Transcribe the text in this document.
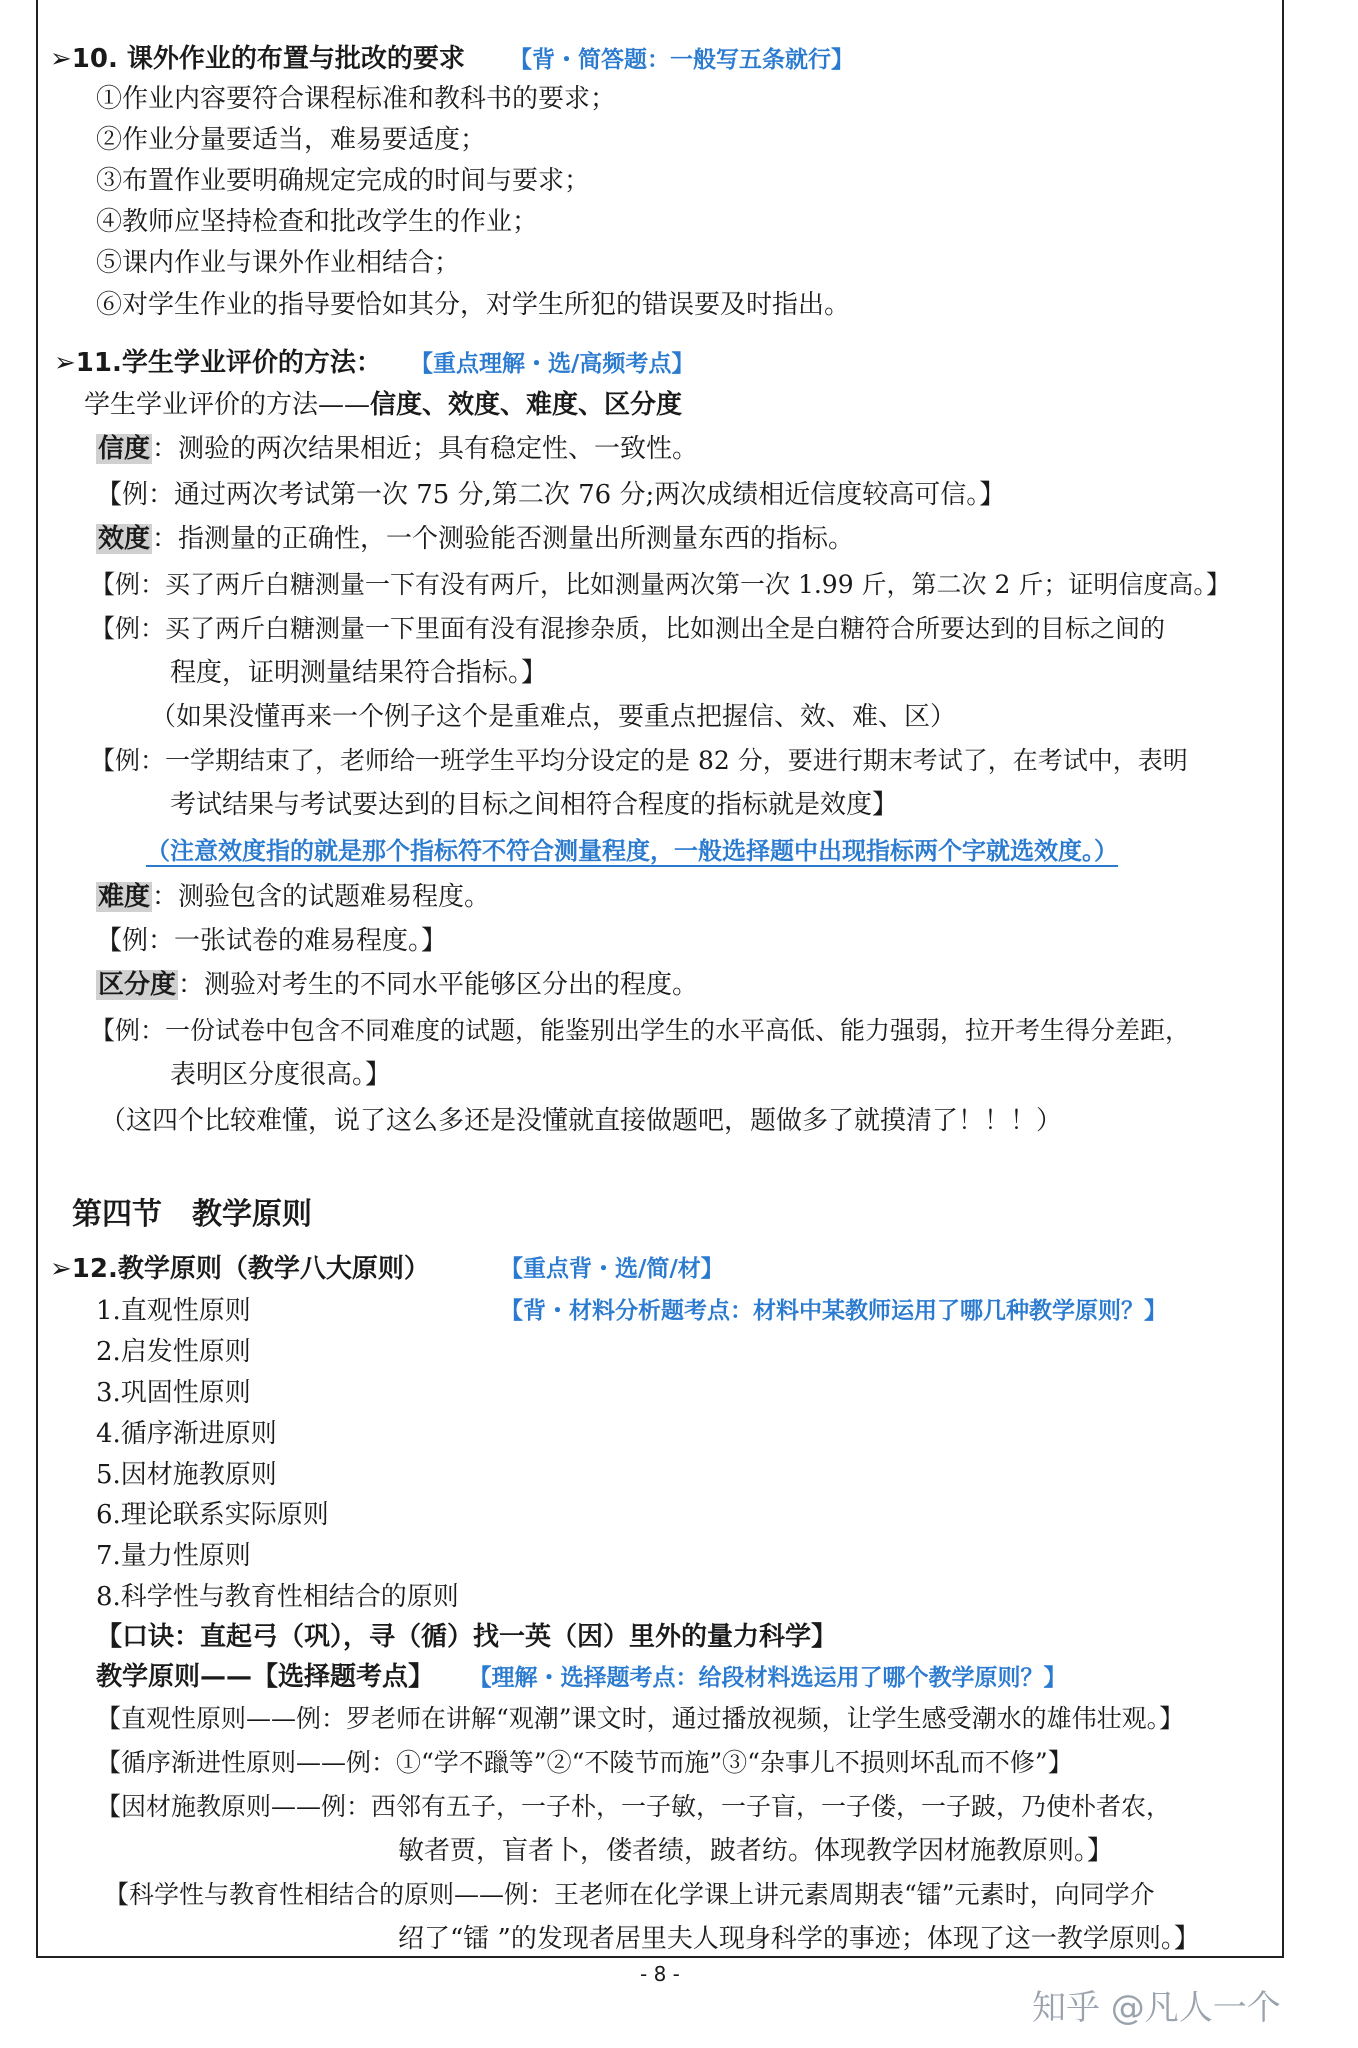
➢10. 课外作业的布置与批改的要求 【背・简答题：一般写五条就行】
①作业内容要符合课程标准和教科书的要求；
②作业分量要适当，难易要适度；
③布置作业要明确规定完成的时间与要求；
④教师应坚持检查和批改学生的作业；
⑤课内作业与课外作业相结合；
⑥对学生作业的指导要恰如其分，对学生所犯的错误要及时指出。
➢11.学生学业评价的方法： 【重点理解・选/高频考点】
学生学业评价的方法——信度、效度、难度、区分度
信度：测验的两次结果相近；具有稳定性、一致性。
【例：通过两次考试第一次 75 分,第二次 76 分;两次成绩相近信度较高可信。】
效度：指测量的正确性，一个测验能否测量出所测量东西的指标。
【例：买了两斤白糖测量一下有没有两斤，比如测量两次第一次 1.99 斤，第二次 2 斤；证明信度高。】
【例：买了两斤白糖测量一下里面有没有混掺杂质，比如测出全是白糖符合所要达到的目标之间的
程度，证明测量结果符合指标。】
（如果没懂再来一个例子这个是重难点，要重点把握信、效、难、区）
【例：一学期结束了，老师给一班学生平均分设定的是 82 分，要进行期末考试了，在考试中，表明
考试结果与考试要达到的目标之间相符合程度的指标就是效度】
（注意效度指的就是那个指标符不符合测量程度，一般选择题中出现指标两个字就选效度。）
难度：测验包含的试题难易程度。
【例：一张试卷的难易程度。】
区分度：测验对考生的不同水平能够区分出的程度。
【例：一份试卷中包含不同难度的试题，能鉴别出学生的水平高低、能力强弱，拉开考生得分差距，
表明区分度很高。】
（这四个比较难懂，说了这么多还是没懂就直接做题吧，题做多了就摸清了！！！）
第四节 教学原则
➢12.教学原则（教学八大原则）	【重点背・选/简/材】
【背・材料分析题考点：材料中某教师运用了哪几种教学原则？】
1.直观性原则
2.启发性原则
3.巩固性原则
4.循序渐进原则
5.因材施教原则
6.理论联系实际原则
7.量力性原则
8.科学性与教育性相结合的原则
【口诀：直起弓（巩），寻（循）找一英（因）里外的量力科学】
教学原则——【选择题考点】 【理解・选择题考点：给段材料选运用了哪个教学原则？】
【直观性原则——例：罗老师在讲解“观潮”课文时，通过播放视频，让学生感受潮水的雄伟壮观。】
【循序渐进性原则——例：①“学不躐等”②“不陵节而施”③“杂事儿不损则坏乱而不修”】
【因材施教原则——例：西邻有五子，一子朴，一子敏，一子盲，一子偻，一子跛，乃使朴者农，
敏者贾，盲者卜，偻者绩，跛者纺。体现教学因材施教原则。】
【科学性与教育性相结合的原则——例：王老师在化学课上讲元素周期表“镭”元素时，向同学介
绍了“镭 ”的发现者居里夫人现身科学的事迹；体现了这一教学原则。】
- 8 -
知乎 @凡人一个
